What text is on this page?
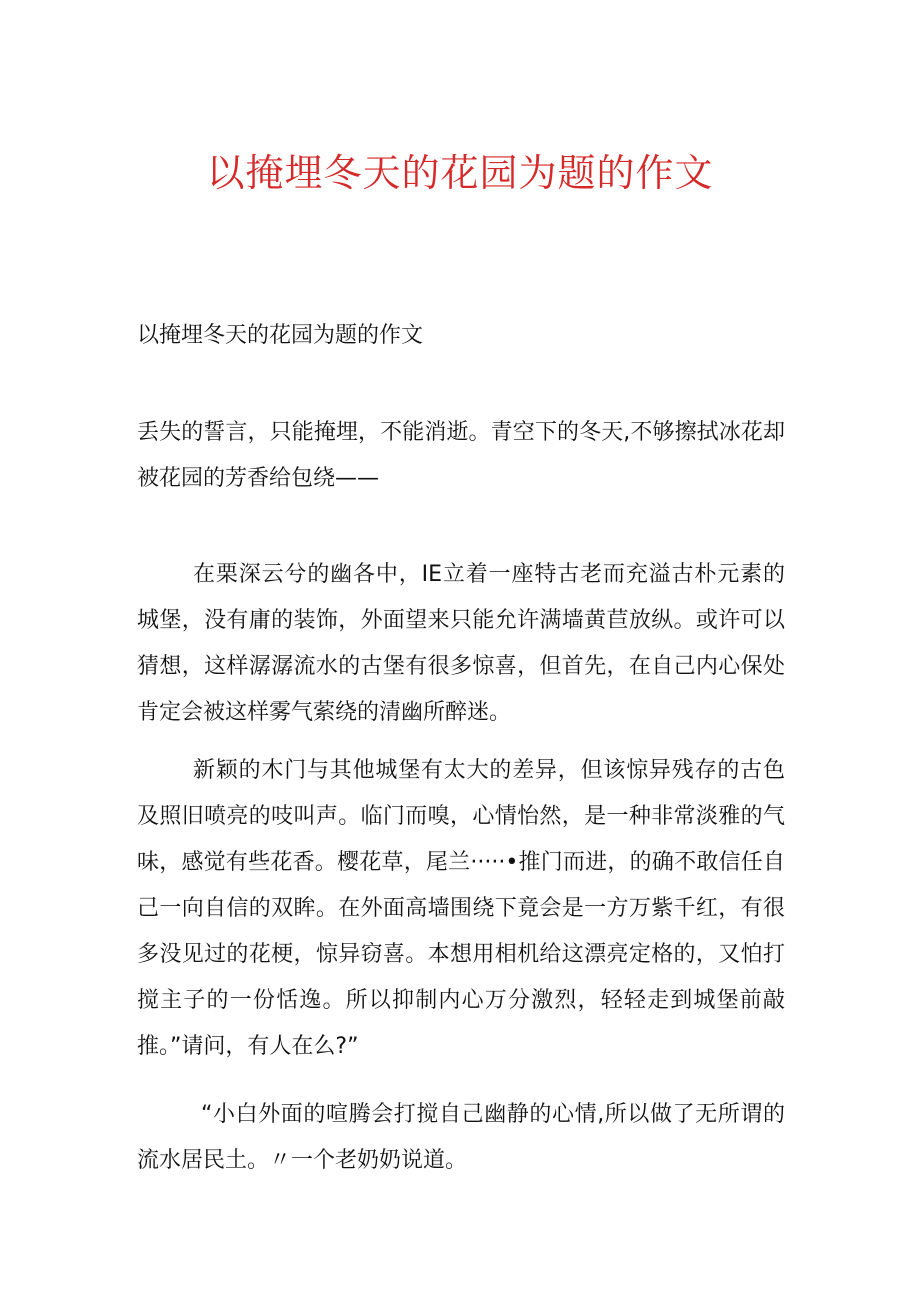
以掩埋冬天的花园为题的作文

以掩埋冬天的花园为题的作文

丢失的誓言，只能掩埋，不能消逝。青空下的冬天,不够擦拭冰花却被花园的芳香给包绕——

在栗深云兮的幽各中，IE立着一座特古老而充溢古朴元素的城堡，没有庸的装饰，外面望来只能允许满墙黄苣放纵。或许可以猜想，这样潺潺流水的古堡有很多惊喜，但首先，在自己内心保处肯定会被这样雾气萦绕的清幽所醉迷。

新颖的木门与其他城堡有太大的差异，但该惊异残存的古色及照旧喷亮的吱叫声。临门而嗅，心情怡然，是一种非常淡雅的气味，感觉有些花香。樱花草，尾兰·····•推门而进，的确不敢信任自己一向自信的双眸。在外面高墙围绕下竟会是一方万紫千红，有很多没见过的花梗，惊异窃喜。本想用相机给这漂亮定格的，又怕打搅主子的一份恬逸。所以抑制内心万分激烈，轻轻走到城堡前敲推。”请问，有人在么?”

“小白外面的喧腾会打搅自己幽静的心情,所以做了无所谓的流水居民土。〃一个老奶奶说道。
